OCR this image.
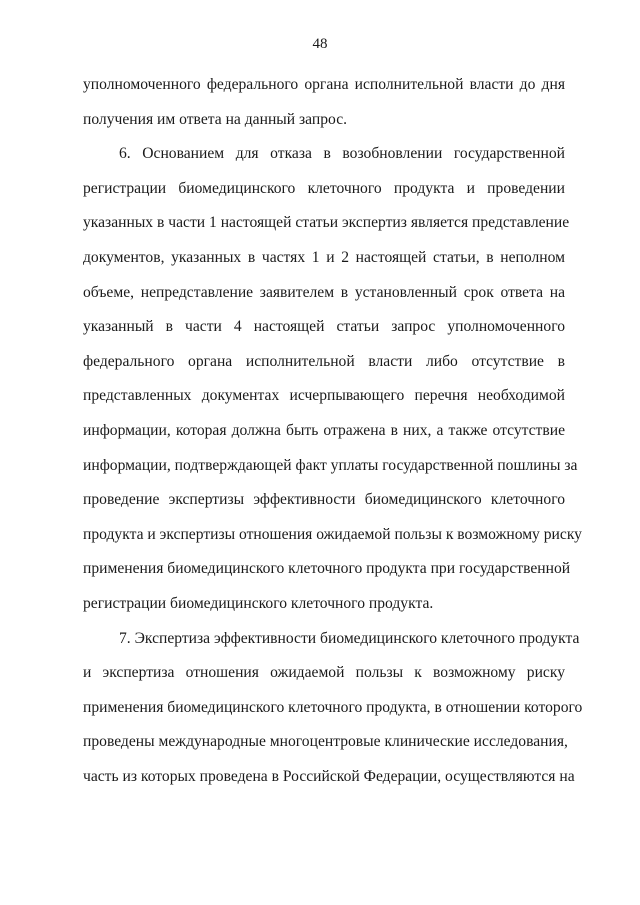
48
уполномоченного федерального органа исполнительной власти до дня
получения им ответа на данный запрос.
6. Основанием для отказа в возобновлении государственной
регистрации биомедицинского клеточного продукта и проведении
указанных в части 1 настоящей статьи экспертиз является представление
документов, указанных в частях 1 и 2 настоящей статьи, в неполном
объеме, непредставление заявителем в установленный срок ответа на
указанный в части 4 настоящей статьи запрос уполномоченного
федерального органа исполнительной власти либо отсутствие в
представленных документах исчерпывающего перечня необходимой
информации, которая должна быть отражена в них, а также отсутствие
информации, подтверждающей факт уплаты государственной пошлины за
проведение экспертизы эффективности биомедицинского клеточного
продукта и экспертизы отношения ожидаемой пользы к возможному риску
применения биомедицинского клеточного продукта при государственной
регистрации биомедицинского клеточного продукта.
7. Экспертиза эффективности биомедицинского клеточного продукта
и экспертиза отношения ожидаемой пользы к возможному риску
применения биомедицинского клеточного продукта, в отношении которого
проведены международные многоцентровые клинические исследования,
часть из которых проведена в Российской Федерации, осуществляются на
